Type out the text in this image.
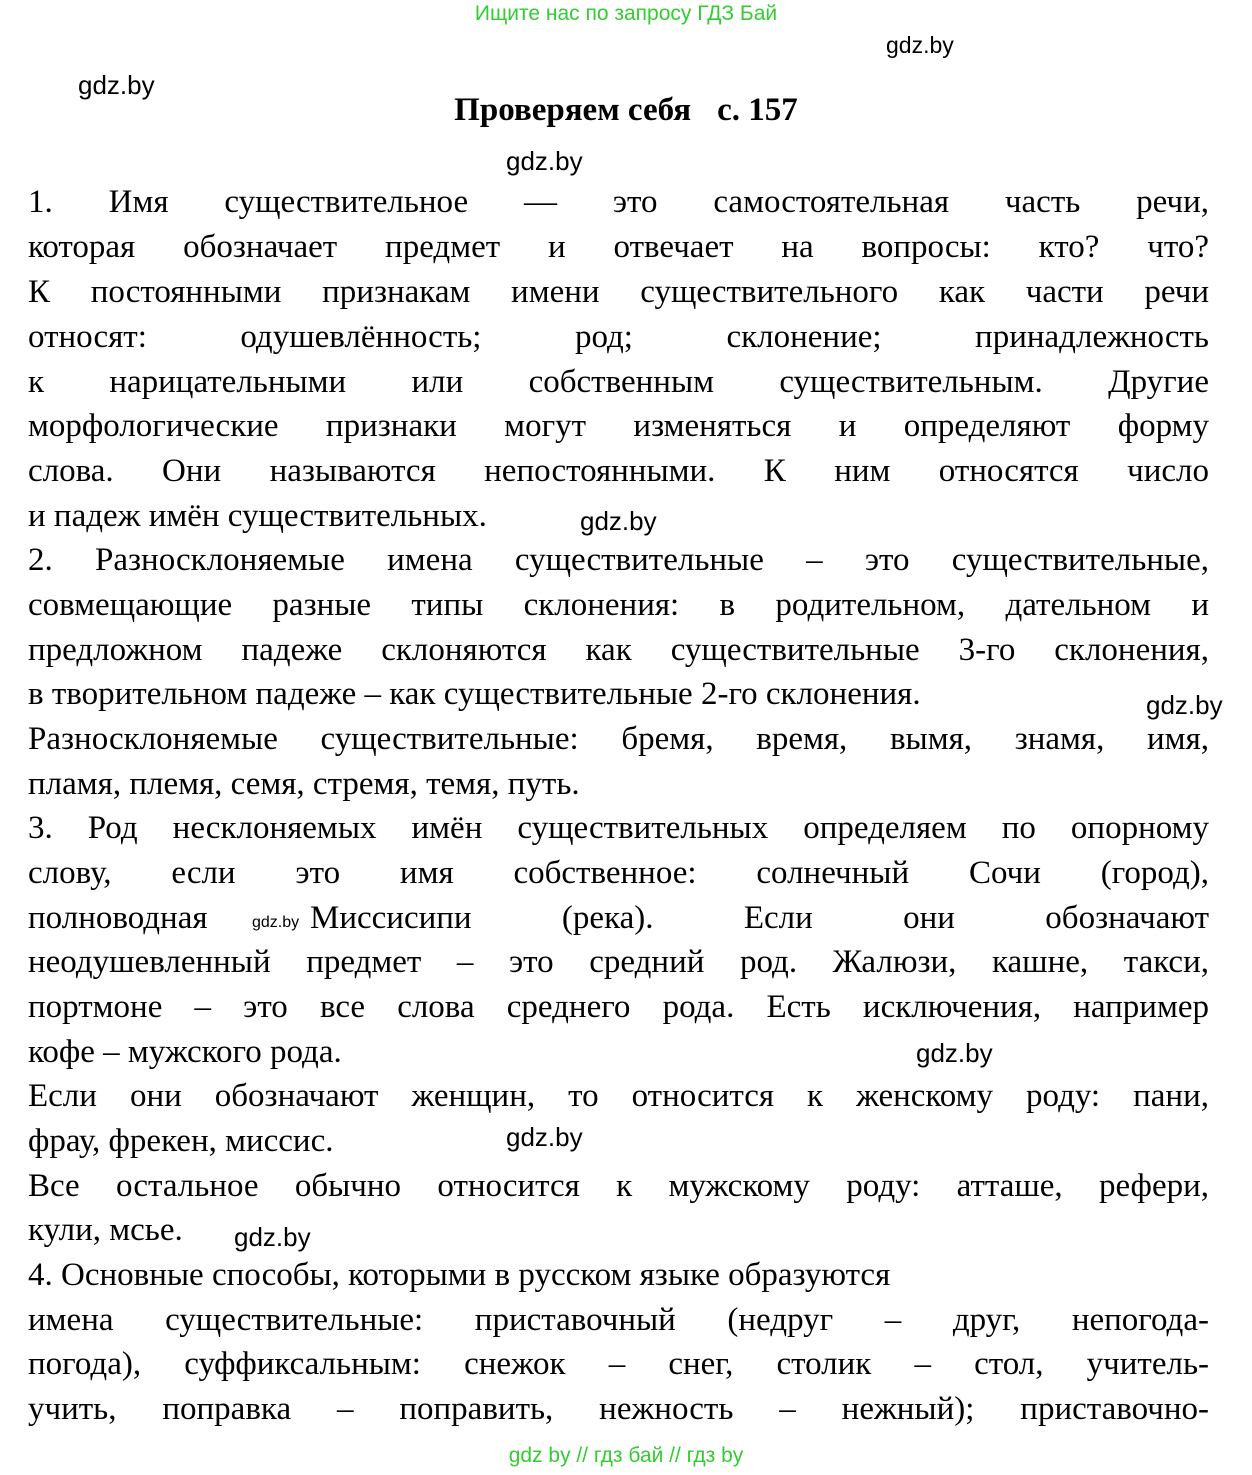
Ищите нас по запросу ГДЗ Бай
gdz.by
gdz.by
Проверяем себя с. 157
gdz.by
1. Имя существительное — это самостоятельная часть речи,
которая обозначает предмет и отвечает на вопросы: кто? что?
К постоянными признакам имени существительного как части речи
относят: одушевлённость; род; склонение; принадлежность
к нарицательными или собственным существительным. Другие
морфологические признаки могут изменяться и определяют форму
слова. Они называются непостоянными. К ним относятся число
и падеж имён существительных.	gdz.by
2. Разносклоняемые имена существительные – это существительные,
совмещающие разные типы склонения: в родительном, дательном и
предложном падеже склоняются как существительные 3-го склонения,
в творительном падеже – как существительные 2-го склонения.	gdz.by
Разносклоняемые существительные: бремя, время, вымя, знамя, имя,
пламя, племя, семя, стремя, темя, путь.
3. Род несклоняемых имён существительных определяем по опорному
слову, если это имя собственное: солнечный Сочи (город),
полноводная	gdz.by Миссисипи (река). Если они обозначают
неодушевленный предмет – это средний род. Жалюзи, кашне, такси,
портмоне – это все слова среднего рода. Есть исключения, например
кофе – мужского рода.	gdz.by
Если они обозначают женщин, то относится к женскому роду: пани,
фрау, фрекен, миссис.	gdz.by
Все остальное обычно относится к мужскому роду: атташе, рефери,
кули, мсье. gdz.by
4. Основные способы, которыми в русском языке образуются
имена существительные: приставочный (недруг – друг, непогода-
погода), суффиксальным: снежок – снег, столик – стол, учитель-
учить, поправка – поправить, нежность – нежный); приставочно-
gdz by // гдз бай // гдз by
